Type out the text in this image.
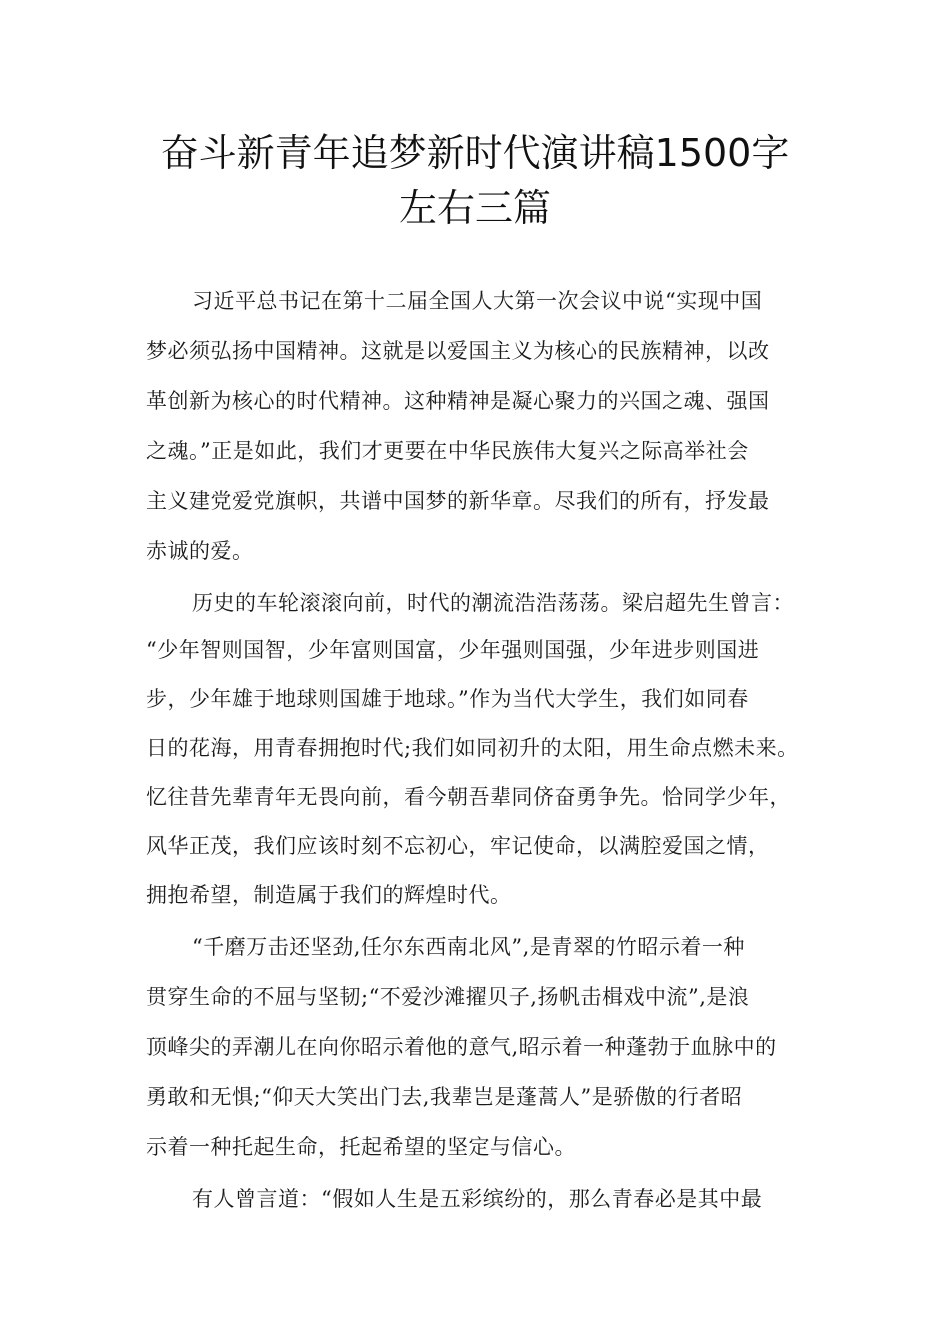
奋斗新青年追梦新时代演讲稿1500字
左右三篇
习近平总书记在第十二届全国人大第一次会议中说“实现中国
梦必须弘扬中国精神。这就是以爱国主义为核心的民族精神，以改
革创新为核心的时代精神。这种精神是凝心聚力的兴国之魂、强国
之魂。”正是如此，我们才更要在中华民族伟大复兴之际高举社会
主义建党爱党旗帜，共谱中国梦的新华章。尽我们的所有，抒发最
赤诚的爱。
历史的车轮滚滚向前，时代的潮流浩浩荡荡。梁启超先生曾言：
“少年智则国智，少年富则国富，少年强则国强，少年进步则国进
步，少年雄于地球则国雄于地球。”作为当代大学生，我们如同春
日的花海，用青春拥抱时代;我们如同初升的太阳，用生命点燃未来。
忆往昔先辈青年无畏向前，看今朝吾辈同侪奋勇争先。恰同学少年，
风华正茂，我们应该时刻不忘初心，牢记使命，以满腔爱国之情，
拥抱希望，制造属于我们的辉煌时代。
“千磨万击还坚劲,任尔东西南北风”,是青翠的竹昭示着一种
贯穿生命的不屈与坚韧;“不爱沙滩擢贝子,扬帆击楫戏中流”,是浪
顶峰尖的弄潮儿在向你昭示着他的意气,昭示着一种蓬勃于血脉中的
勇敢和无惧;“仰天大笑出门去,我辈岂是蓬蒿人”是骄傲的行者昭
示着一种托起生命，托起希望的坚定与信心。
有人曾言道：“假如人生是五彩缤纷的，那么青春必是其中最
